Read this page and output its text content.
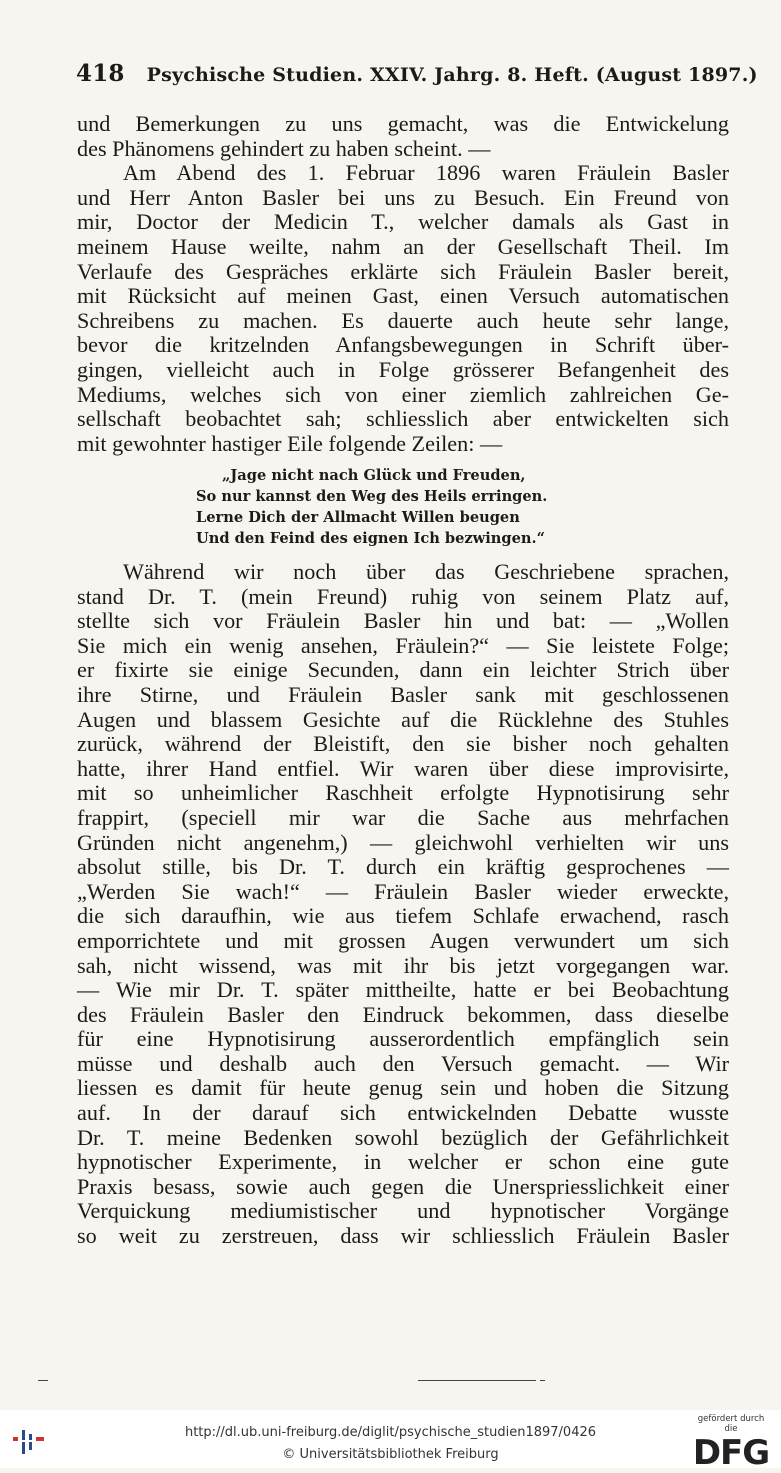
418 Psychische Studien. XXIV. Jahrg. 8. Heft. (August 1897.)
und Bemerkungen zu uns gemacht, was die Entwickelung
des Phänomens gehindert zu haben scheint. —
Am Abend des 1. Februar 1896 waren Fräulein Basler
und Herr Anton Basler bei uns zu Besuch. Ein Freund von
mir, Doctor der Medicin T., welcher damals als Gast in
meinem Hause weilte, nahm an der Gesellschaft Theil. Im
Verlaufe des Gespräches erklärte sich Fräulein Basler bereit,
mit Rücksicht auf meinen Gast, einen Versuch automatischen
Schreibens zu machen. Es dauerte auch heute sehr lange,
bevor die kritzelnden Anfangsbewegungen in Schrift über-
gingen, vielleicht auch in Folge grösserer Befangenheit des
Mediums, welches sich von einer ziemlich zahlreichen Ge-
sellschaft beobachtet sah; schliesslich aber entwickelten sich
mit gewohnter hastiger Eile folgende Zeilen: —
„Jage nicht nach Glück und Freuden,
So nur kannst den Weg des Heils erringen.
Lerne Dich der Allmacht Willen beugen
Und den Feind des eignen Ich bezwingen.“
Während wir noch über das Geschriebene sprachen,
stand Dr. T. (mein Freund) ruhig von seinem Platz auf,
stellte sich vor Fräulein Basler hin und bat: — „Wollen
Sie mich ein wenig ansehen, Fräulein?“ — Sie leistete Folge;
er fixirte sie einige Secunden, dann ein leichter Strich über
ihre Stirne, und Fräulein Basler sank mit geschlossenen
Augen und blassem Gesichte auf die Rücklehne des Stuhles
zurück, während der Bleistift, den sie bisher noch gehalten
hatte, ihrer Hand entfiel. Wir waren über diese improvisirte,
mit so unheimlicher Raschheit erfolgte Hypnotisirung sehr
frappirt, (speciell mir war die Sache aus mehrfachen
Gründen nicht angenehm,) — gleichwohl verhielten wir uns
absolut stille, bis Dr. T. durch ein kräftig gesprochenes —
„Werden Sie wach!“ — Fräulein Basler wieder erweckte,
die sich daraufhin, wie aus tiefem Schlafe erwachend, rasch
emporrichtete und mit grossen Augen verwundert um sich
sah, nicht wissend, was mit ihr bis jetzt vorgegangen war.
— Wie mir Dr. T. später mittheilte, hatte er bei Beobachtung
des Fräulein Basler den Eindruck bekommen, dass dieselbe
für eine Hypnotisirung ausserordentlich empfänglich sein
müsse und deshalb auch den Versuch gemacht. — Wir
liessen es damit für heute genug sein und hoben die Sitzung
auf. In der darauf sich entwickelnden Debatte wusste
Dr. T. meine Bedenken sowohl bezüglich der Gefährlichkeit
hypnotischer Experimente, in welcher er schon eine gute
Praxis besass, sowie auch gegen die Unerspriesslichkeit einer
Verquickung mediumistischer und hypnotischer Vorgänge
so weit zu zerstreuen, dass wir schliesslich Fräulein Basler
http://dl.ub.uni-freiburg.de/diglit/psychische_studien1897/0426
© Universitätsbibliothek Freiburg
gefördert durch die
DFG
